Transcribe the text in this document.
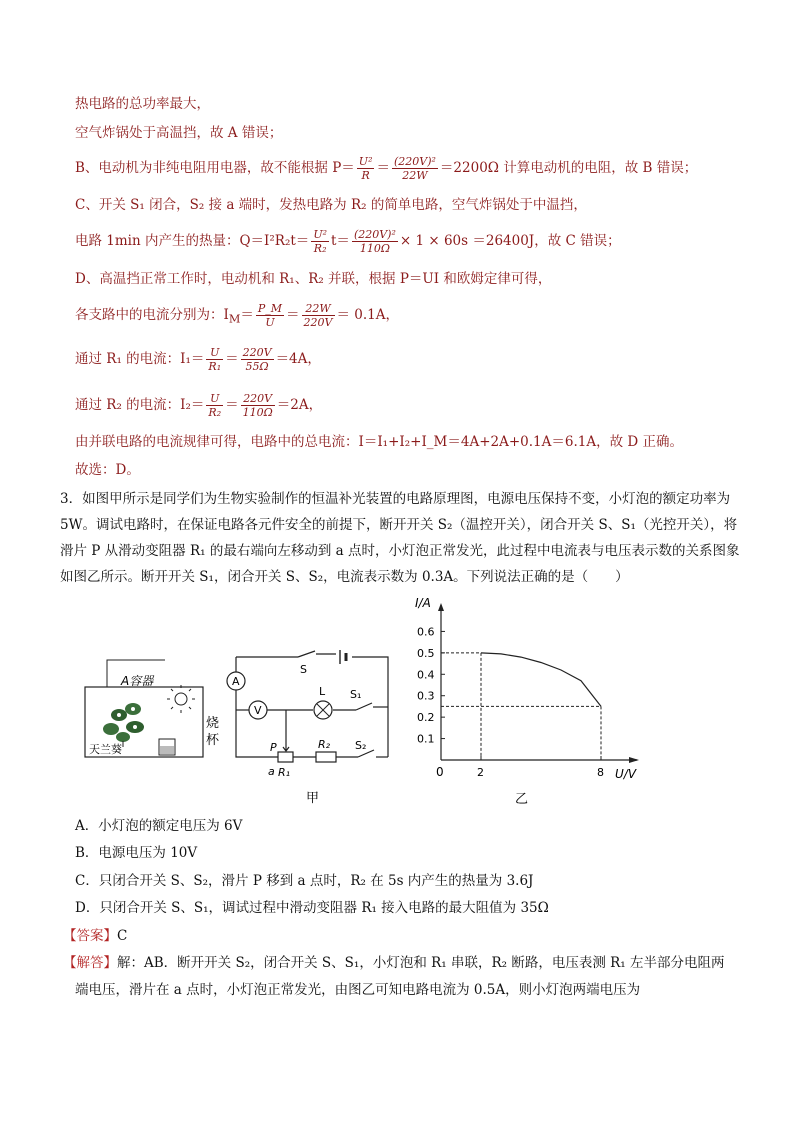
热电路的总功率最大，
空气炸锅处于高温挡，故 A 错误；
B、电动机为非纯电阻用电器，故不能根据 $P= \frac{\text{U²}}{R} = \frac{\text{(220V)²}}{22W} =2200\Omega$ 计算电动机的电阻，故 B 错误；
C、开关 S₁ 闭合，S₂ 接 a 端时，发热电路为 R₂ 的简单电路，空气炸锅处于中温挡，
电路 1min 内产生的热量：$Q=I^2R_2t= \frac{\text{U²}}{\text{R₂}} t= \frac{\text{(220V)²}}{110\Omega} \times 1 \times 60s =26400J$，故 C 错误；
D、高温挡正常工作时，电动机和 R₁、R₂ 并联，根据 P＝UI 和欧姆定律可得，
各支路中的电流分别为：$I_M= \frac{P\_M}{U} = \frac{22W}{220V} = 0.1A$，
通过 R₁ 的电流：$I_1= \frac{U}{\text{R₁}} = \frac{220V}{55\Omega} =4A$，
通过 R₂ 的电流：$I_2= \frac{U}{\text{R₂}} = \frac{220V}{110\Omega} =2A$，
由并联电路的电流规律可得，电路中的总电流：I＝I₁+I₂+I_M＝4A+2A+0.1A＝6.1A，故 D 正确。
故选：D。
3．如图甲所示是同学们为生物实验制作的恒温补光装置的电路原理图，电源电压保持不变，小灯泡的额定功率为 5W。调试电路时，在保证电路各元件安全的前提下，断开开关 S₂（温控开关），闭合开关 S、S₁（光控开关），将滑片 P 从滑动变阻器 R₁ 的最右端向左移动到 a 点时，小灯泡正常发光，此过程中电流表与电压表示数的关系图象如图乙所示。断开开关 S₁，闭合开关 S、S₂，电流表示数为 0.3A。下列说法正确的是（　　）
A容器
天兰葵
烧
杯
A
V
S
L S₁
P
a R₁
R₂ S₂
甲
0.1
0.2
0.3
0.4
0.5
0.6
2	8
I/A
U/V
0
乙
A．小灯泡的额定电压为 6V
B．电源电压为 10V
C．只闭合开关 S、S₂，滑片 P 移到 a 点时，R₂ 在 5s 内产生的热量为 3.6J
D．只闭合开关 S、S₁，调试过程中滑动变阻器 R₁ 接入电路的最大阻值为 35Ω
【答案】C
【解答】解：AB．断开开关 S₂，闭合开关 S、S₁，小灯泡和 R₁ 串联，R₂ 断路，电压表测 R₁ 左半部分电阻两
端电压，滑片在 a 点时，小灯泡正常发光，由图乙可知电路电流为 0.5A，则小灯泡两端电压为
